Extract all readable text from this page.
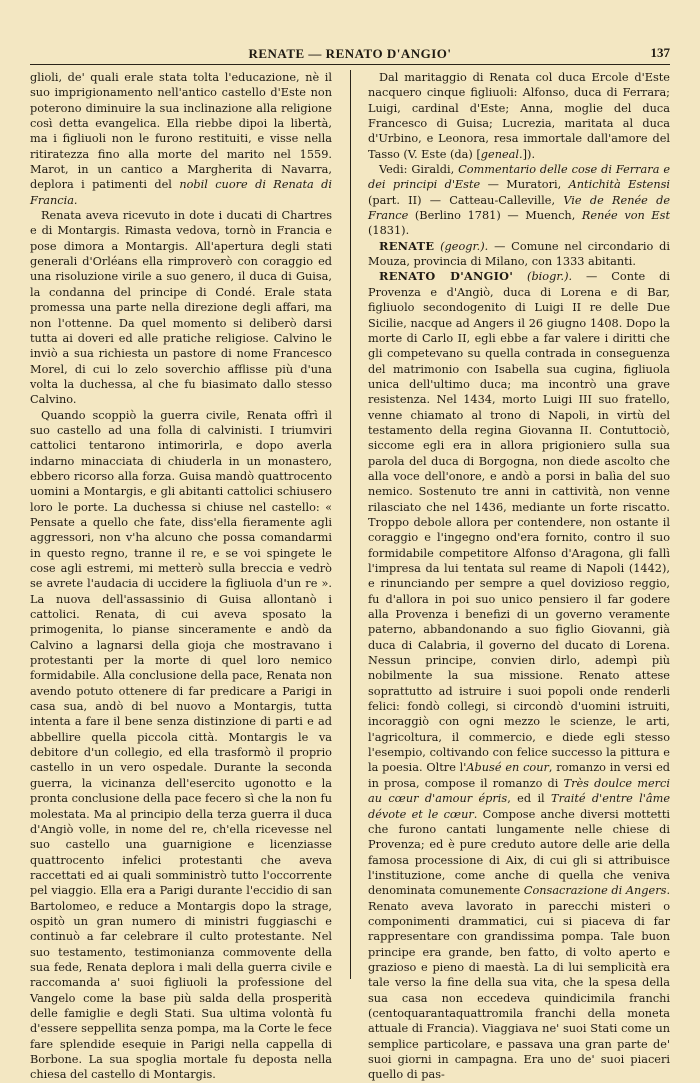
RENATE — RENATO D'ANGIO'	137

glioli, de' quali erale stata tolta l'educazione, nè il suo imprigionamento nell'antico castello d'Este non poterono diminuire la sua inclinazione alla religione così detta evangelica. Ella riebbe dipoi la libertà, ma i figliuoli non le furono restituiti, e visse nella ritiratezza fino alla morte del marito nel 1559. Marot, in un cantico a Margherita di Navarra, deplora i patimenti del nobil cuore di Renata di Francia.

Renata aveva ricevuto in dote i ducati di Chartres e di Montargis. Rimasta vedova, tornò in Francia e pose dimora a Montargis. All'apertura degli stati generali d'Orléans ella rimproverò con coraggio ed una risoluzione virile a suo genero, il duca di Guisa, la condanna del principe di Condé. Erale stata promessa una parte nella direzione degli affari, ma non l'ottenne. Da quel momento si deliberò darsi tutta ai doveri ed alle pratiche religiose. Calvino le inviò a sua richiesta un pastore di nome Francesco Morel, di cui lo zelo soverchio afflisse più d'una volta la duchessa, al che fu biasimato dallo stesso Calvino.

Quando scoppiò la guerra civile, Renata offrì il suo castello ad una folla di calvinisti. I triumviri cattolici tentarono intimorirla, e dopo averla indarno minacciata di chiuderla in un monastero, ebbero ricorso alla forza. Guisa mandò quattrocento uomini a Montargis, e gli abitanti cattolici schiusero loro le porte. La duchessa si chiuse nel castello: « Pensate a quello che fate, diss'ella fieramente agli aggressori, non v'ha alcuno che possa comandarmi in questo regno, tranne il re, e se voi spingete le cose agli estremi, mi metterò sulla breccia e vedrò se avrete l'audacia di uccidere la figliuola d'un re ». La nuova dell'assassinio di Guisa allontanò i cattolici. Renata, di cui aveva sposato la primogenita, lo pianse sinceramente e andò da Calvino a lagnarsi della gioja che mostravano i protestanti per la morte di quel loro nemico formidabile. Alla conclusione della pace, Renata non avendo potuto ottenere di far predicare a Parigi in casa sua, andò di bel nuovo a Montargis, tutta intenta a fare il bene senza distinzione di parti e ad abbellire quella piccola città. Montargis le va debitore d'un collegio, ed ella trasformò il proprio castello in un vero ospedale. Durante la seconda guerra, la vicinanza dell'esercito ugonotto e la pronta conclusione della pace fecero sì che la non fu molestata. Ma al principio della terza guerra il duca d'Angiò volle, in nome del re, ch'ella ricevesse nel suo castello una guarnigione e licenziasse quattrocento infelici protestanti che aveva raccettati ed ai quali somministrò tutto l'occorrente pel viaggio. Ella era a Parigi durante l'eccidio di san Bartolomeo, e reduce a Montargis dopo la strage, ospitò un gran numero di ministri fuggiaschi e continuò a far celebrare il culto protestante. Nel suo testamento, testimonianza commovente della sua fede, Renata deplora i mali della guerra civile e raccomanda a' suoi figliuoli la professione del Vangelo come la base più salda della prosperità delle famiglie e degli Stati. Sua ultima volontà fu d'essere seppellita senza pompa, ma la Corte le fece fare splendide esequie in Parigi nella cappella di Borbone. La sua spoglia mortale fu deposta nella chiesa del castello di Montargis.

Dal maritaggio di Renata col duca Ercole d'Este nacquero cinque figliuoli: Alfonso, duca di Ferrara; Luigi, cardinal d'Este; Anna, moglie del duca Francesco di Guisa; Lucrezia, maritata al duca d'Urbino, e Leonora, resa immortale dall'amore del Tasso (V. Este (da) [geneal.]).

Vedi: Giraldi, Commentario delle cose di Ferrara e dei principi d'Este — Muratori, Antichità Estensi (part. II) — Catteau-Calleville, Vie de Renée de France (Berlino 1781) — Muench, Renée von Est (1831).

RENATE (geogr.). — Comune nel circondario di Mouza, provincia di Milano, con 1333 abitanti.

RENATO D'ANGIO' (biogr.). — Conte di Provenza e d'Angiò, duca di Lorena e di Bar, figliuolo secondogenito di Luigi II re delle Due Sicilie, nacque ad Angers il 26 giugno 1408. Dopo la morte di Carlo II, egli ebbe a far valere i diritti che gli competevano su quella contrada in conseguenza del matrimonio con Isabella sua cugina, figliuola unica dell'ultimo duca; ma incontrò una grave resistenza. Nel 1434, morto Luigi III suo fratello, venne chiamato al trono di Napoli, in virtù del testamento della regina Giovanna II. Contuttociò, siccome egli era in allora prigioniero sulla sua parola del duca di Borgogna, non diede ascolto che alla voce dell'onore, e andò a porsi in balìa del suo nemico. Sostenuto tre anni in cattività, non venne rilasciato che nel 1436, mediante un forte riscatto. Troppo debole allora per contendere, non ostante il coraggio e l'ingegno ond'era fornito, contro il suo formidabile competitore Alfonso d'Aragona, gli fallì l'impresa da lui tentata sul reame di Napoli (1442), e rinunciando per sempre a quel dovizioso reggio, fu d'allora in poi suo unico pensiero il far godere alla Provenza i benefizi di un governo veramente paterno, abbandonando a suo figlio Giovanni, già duca di Calabria, il governo del ducato di Lorena. Nessun principe, convien dirlo, adempì più nobilmente la sua missione. Renato attese soprattutto ad istruire i suoi popoli onde renderli felici: fondò collegi, si circondò d'uomini istruiti, incoraggiò con ogni mezzo le scienze, le arti, l'agricoltura, il commercio, e diede egli stesso l'esempio, coltivando con felice successo la pittura e la poesia. Oltre l'Abusé en cour, romanzo in versi ed in prosa, compose il romanzo di Très doulce merci au cœur d'amour épris, ed il Traité d'entre l'âme dévote et le cœur. Compose anche diversi mottetti che furono cantati lungamente nelle chiese di Provenza; ed è pure creduto autore delle arie della famosa processione di Aix, di cui gli si attribuisce l'instituzione, come anche di quella che veniva denominata comunemente Consacrazione di Angers. Renato aveva lavorato in parecchi misteri o componimenti drammatici, cui si piaceva di far rappresentare con grandissima pompa. Tale buon principe era grande, ben fatto, di volto aperto e grazioso e pieno di maestà. La di lui semplicità era tale verso la fine della sua vita, che la spesa della sua casa non eccedeva quindicimila franchi (centoquarantaquattromila franchi della moneta attuale di Francia). Viaggiava ne' suoi Stati come un semplice particolare, e passava una gran parte de' suoi giorni in campagna. Era uno de' suoi piaceri quello di pas-
